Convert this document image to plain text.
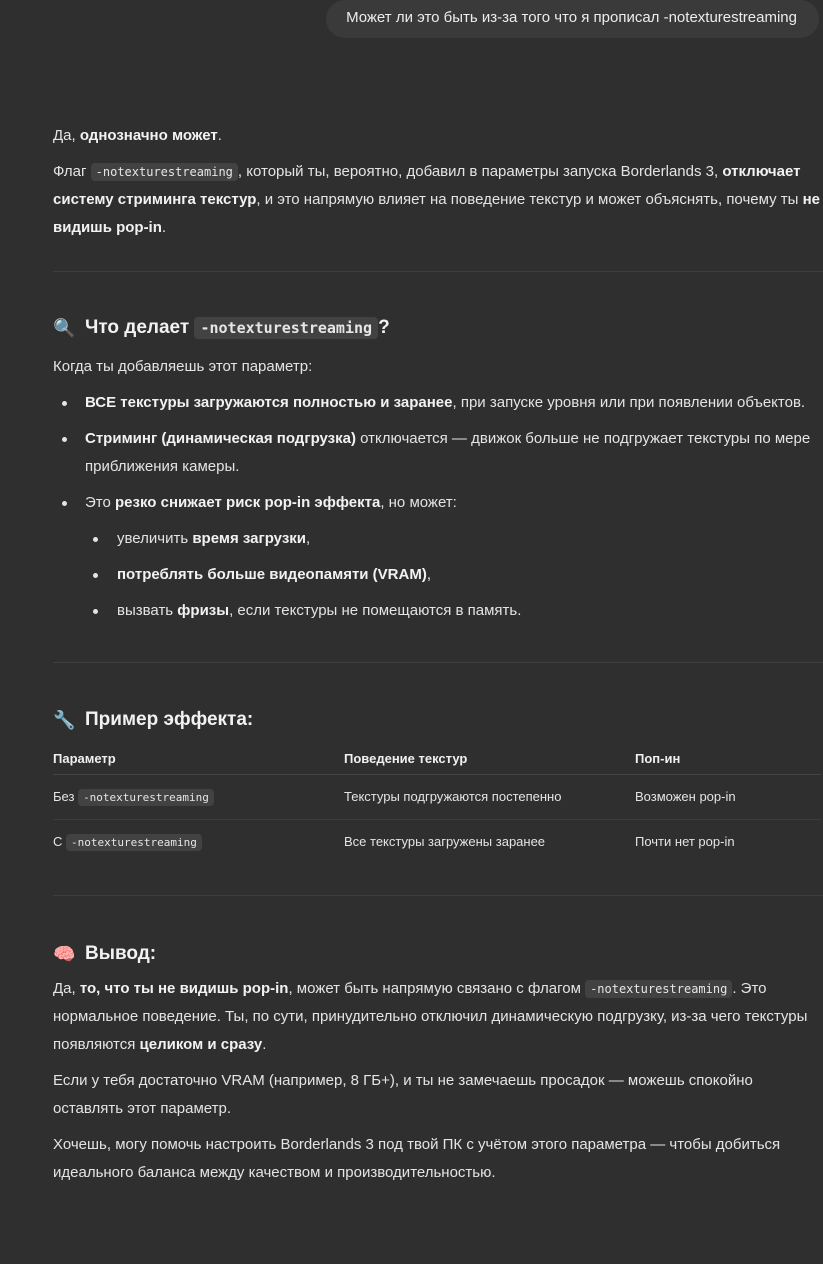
Может ли это быть из-за того что я прописал -notexturestreaming

Да, однозначно может.

Флаг -notexturestreaming , который ты, вероятно, добавил в параметры запуска Borderlands 3, отключает систему стриминга текстур, и это напрямую влияет на поведение текстур и может объяснять, почему ты не видишь pop-in.

🔍 Что делает -notexturestreaming ?

Когда ты добавляешь этот параметр:

ВСЕ текстуры загружаются полностью и заранее, при запуске уровня или при появлении объектов.
Стриминг (динамическая подгрузка) отключается — движок больше не подгружает текстуры по мере приближения камеры.
Это резко снижает риск pop-in эффекта, но может:
увеличить время загрузки,
потреблять больше видеопамяти (VRAM),
вызвать фризы, если текстуры не помещаются в память.
🔧 Пример эффекта:
Параметр	Поведение текстур	Поп-ин
Без -notexturestreaming	Текстуры подгружаются постепенно	Возможен pop-in
С -notexturestreaming	Все текстуры загружены заранее	Почти нет pop-in
🧠 Вывод:

Да, то, что ты не видишь pop-in, может быть напрямую связано с флагом -notexturestreaming . Это нормальное поведение. Ты, по сути, принудительно отключил динамическую подгрузку, из-за чего текстуры появляются целиком и сразу.

Если у тебя достаточно VRAM (например, 8 ГБ+), и ты не замечаешь просадок — можешь спокойно оставлять этот параметр.

Хочешь, могу помочь настроить Borderlands 3 под твой ПК с учётом этого параметра — чтобы добиться идеального баланса между качеством и производительностью.
